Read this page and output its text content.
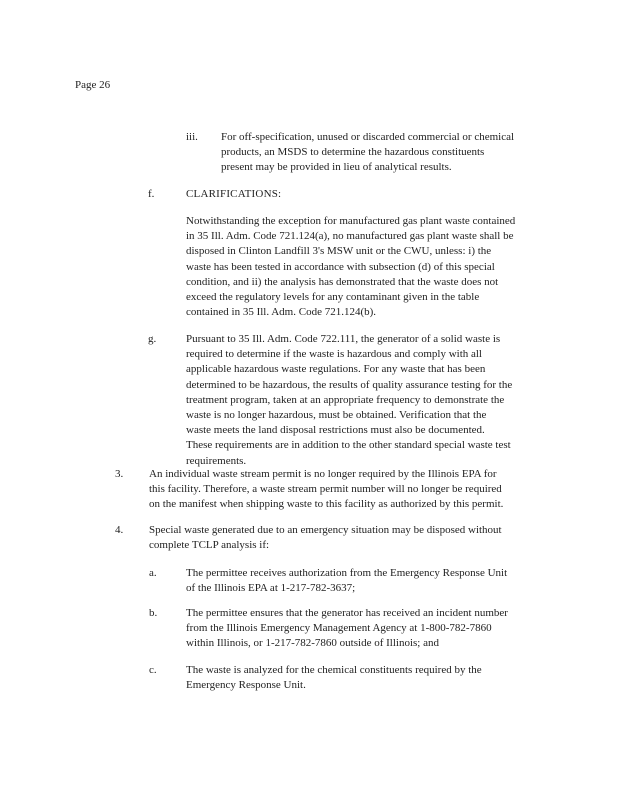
Page 26
iii. For off-specification, unused or discarded commercial or chemical
products, an MSDS to determine the hazardous constituents
present may be provided in lieu of analytical results.

f.	CLARIFICATIONS:

Notwithstanding the exception for manufactured gas plant waste contained
in 35 Ill. Adm. Code 721.124(a), no manufactured gas plant waste shall be
disposed in Clinton Landfill 3's MSW unit or the CWU, unless: i) the
waste has been tested in accordance with subsection (d) of this special
condition, and ii) the analysis has demonstrated that the waste does not
exceed the regulatory levels for any contaminant given in the table
contained in 35 Ill. Adm. Code 721.124(b).

g.	Pursuant to 35 Ill. Adm. Code 722.111, the generator of a solid waste is
required to determine if the waste is hazardous and comply with all
applicable hazardous waste regulations. For any waste that has been
determined to be hazardous, the results of quality assurance testing for the
treatment program, taken at an appropriate frequency to demonstrate the
waste is no longer hazardous, must be obtained. Verification that the
waste meets the land disposal restrictions must also be documented.
These requirements are in addition to the other standard special waste test
requirements.

3. An individual waste stream permit is no longer required by the Illinois EPA for
this facility. Therefore, a waste stream permit number will no longer be required
on the manifest when shipping waste to this facility as authorized by this permit.

4. Special waste generated due to an emergency situation may be disposed without
complete TCLP analysis if:

a.	The permittee receives authorization from the Emergency Response Unit
of the Illinois EPA at 1-217-782-3637;

b.	The permittee ensures that the generator has received an incident number
from the Illinois Emergency Management Agency at 1-800-782-7860
within Illinois, or 1-217-782-7860 outside of Illinois; and

c.	The waste is analyzed for the chemical constituents required by the
Emergency Response Unit.
